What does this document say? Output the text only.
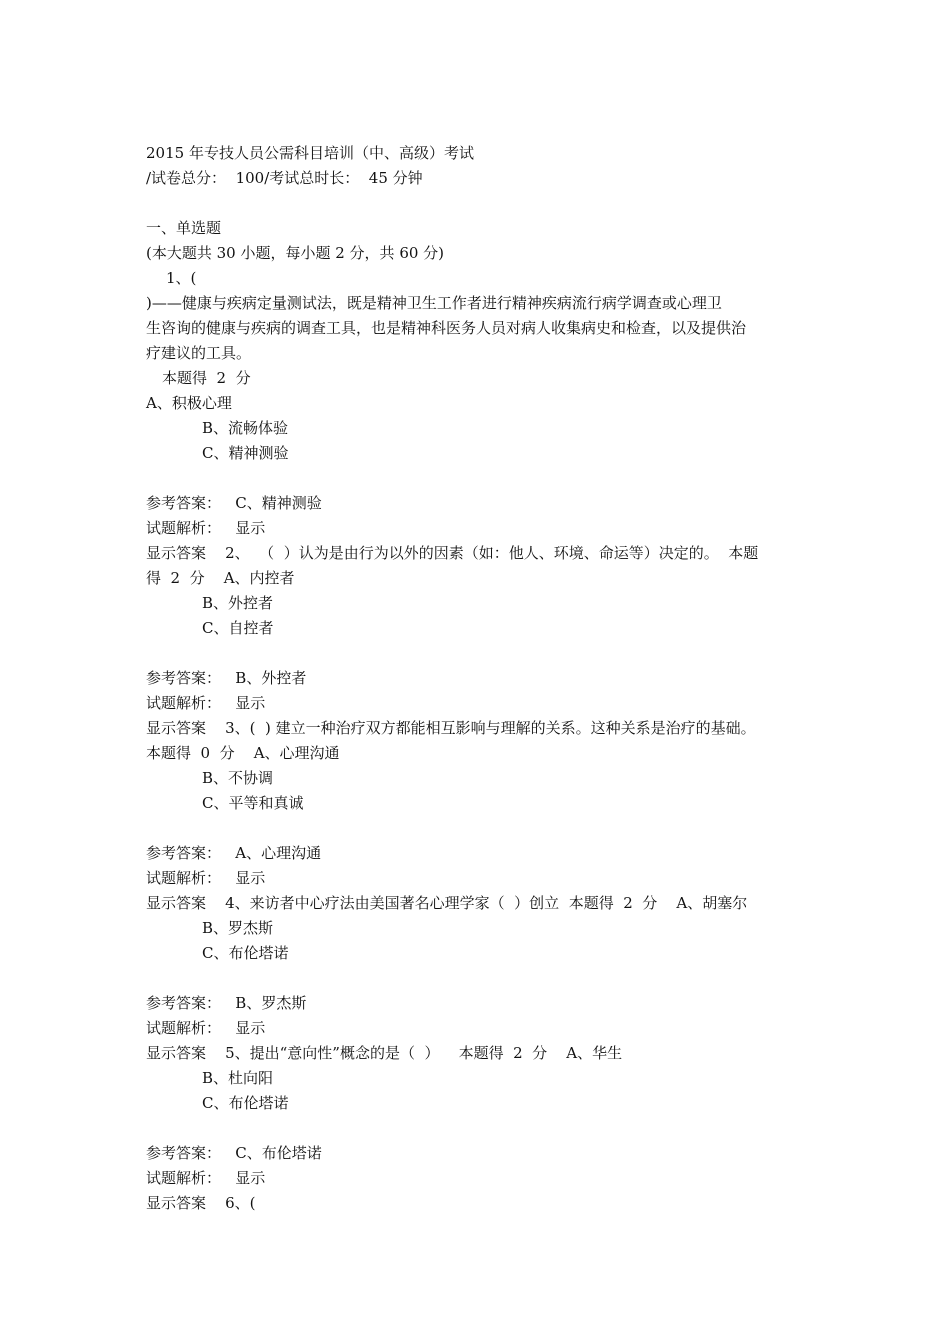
2015 年专技人员公需科目培训（中、高级）考试
/试卷总分：  100/考试总时长：  45 分钟
一、单选题
(本大题共 30 小题，每小题 2 分，共 60 分)
1、(
)——健康与疾病定量测试法，既是精神卫生工作者进行精神疾病流行病学调查或心理卫
生咨询的健康与疾病的调查工具，也是精神科医务人员对病人收集病史和检查，以及提供治
疗建议的工具。
本题得  2  分
A、积极心理
B、流畅体验
C、精神测验
参考答案：   C、精神测验
试题解析：   显示
显示答案    2、  （  ）认为是由行为以外的因素（如：他人、环境、命运等）决定的。  本题
得  2  分    A、内控者
B、外控者
C、自控者
参考答案：   B、外控者
试题解析：   显示
显示答案    3、(  ) 建立一种治疗双方都能相互影响与理解的关系。这种关系是治疗的基础。
本题得  0  分    A、心理沟通
B、不协调
C、平等和真诚
参考答案：   A、心理沟通
试题解析：   显示
显示答案    4、来访者中心疗法由美国著名心理学家（  ）创立  本题得  2  分    A、胡塞尔
B、罗杰斯
C、布伦塔诺
参考答案：   B、罗杰斯
试题解析：   显示
显示答案    5、提出“意向性”概念的是（  ）    本题得  2  分    A、华生
B、杜向阳
C、布伦塔诺
参考答案：   C、布伦塔诺
试题解析：   显示
显示答案    6、(
